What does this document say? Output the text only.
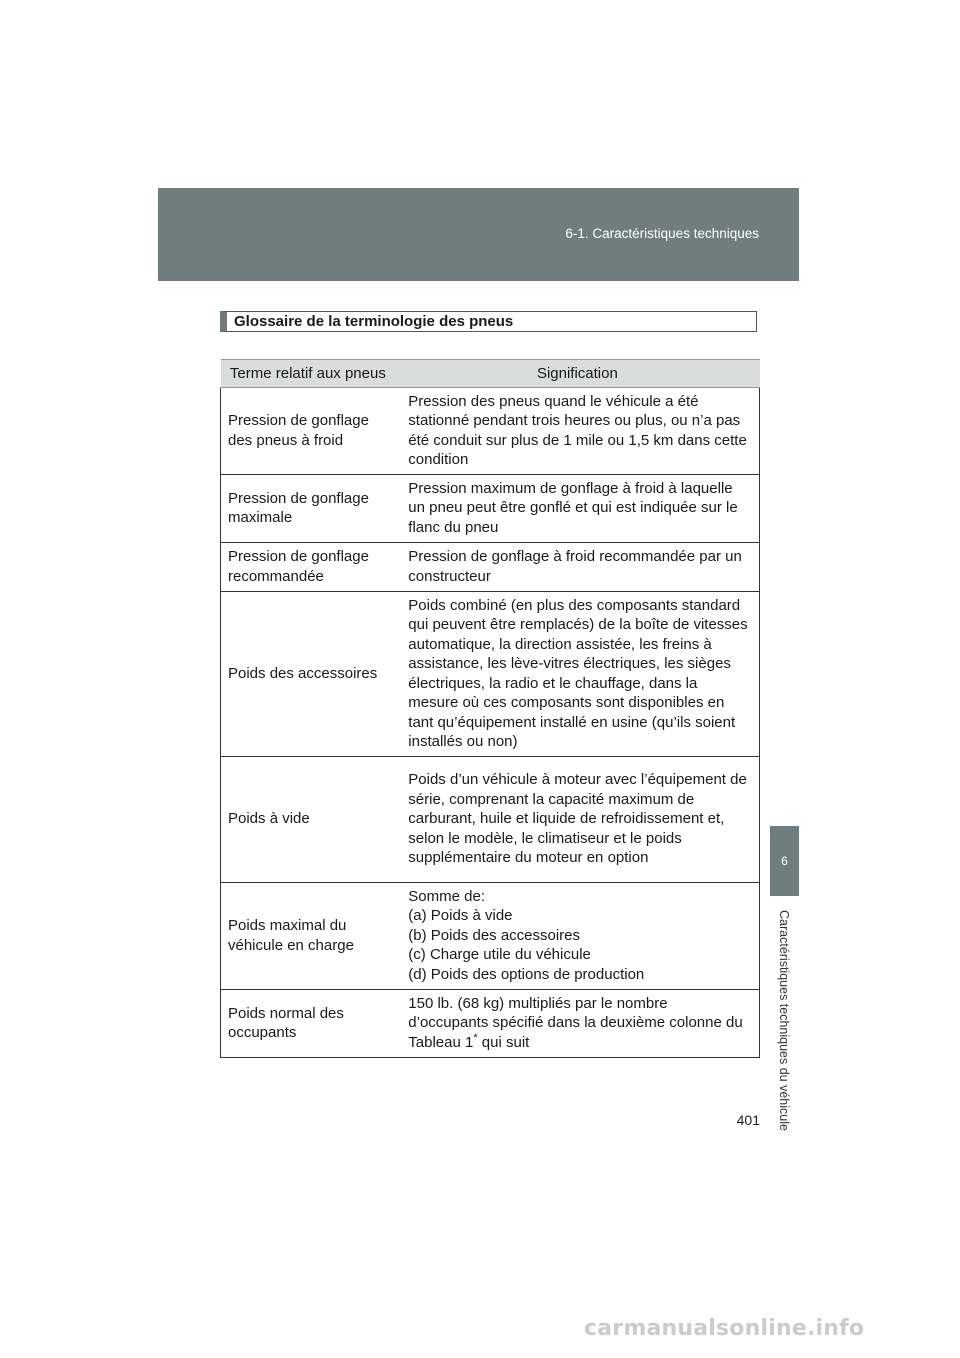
6-1. Caractéristiques techniques
6
Caractéristiques techniques du véhicule
Glossaire de la terminologie des pneus
Terme relatif aux pneus	Signification
Pression de gonflage des pneus à froid	Pression des pneus quand le véhicule a été stationné pendant trois heures ou plus, ou n’a pas été conduit sur plus de 1 mile ou 1,5 km dans cette condition
Pression de gonflage maximale	Pression maximum de gonflage à froid à laquelle un pneu peut être gonflé et qui est indiquée sur le flanc du pneu
Pression de gonflage recommandée	Pression de gonflage à froid recommandée par un constructeur
Poids des accessoires	Poids combiné (en plus des composants standard qui peuvent être remplacés) de la boîte de vitesses automatique, la direction assistée, les freins à assistance, les lève-vitres électriques, les sièges électriques, la radio et le chauffage, dans la mesure où ces composants sont disponibles en tant qu’équipement installé en usine (qu’ils soient installés ou non)
Poids à vide	Poids d’un véhicule à moteur avec l’équipement de série, comprenant la capacité maximum de carburant, huile et liquide de refroidissement et, selon le modèle, le climatiseur et le poids supplémentaire du moteur en option
Poids maximal du véhicule en charge	Somme de:
(a) Poids à vide
(b) Poids des accessoires
(c) Charge utile du véhicule
(d) Poids des options de production

Poids normal des occupants	150 lb. (68 kg) multipliés par le nombre d’occupants spécifié dans la deuxième colonne du Tableau 1* qui suit
401
carmanualsonline.info
